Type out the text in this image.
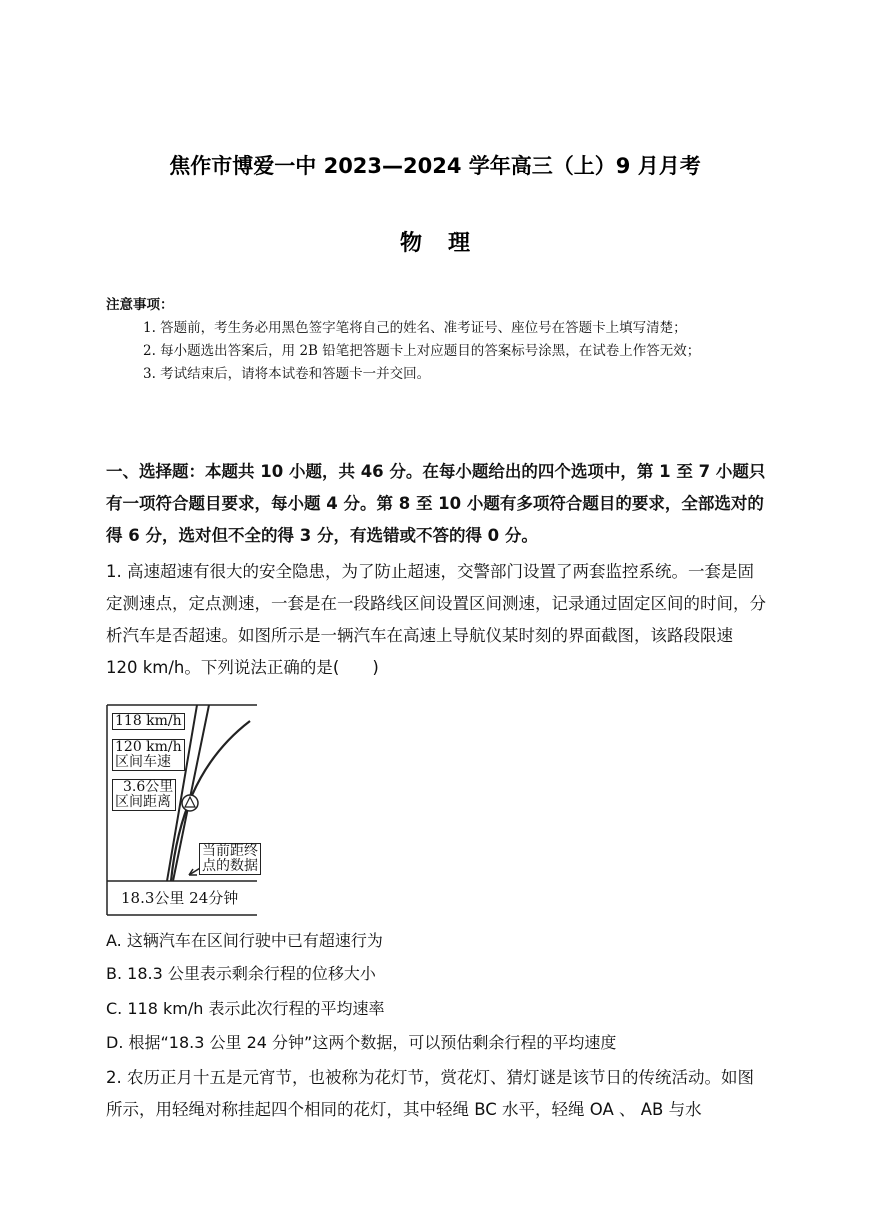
焦作市博爱一中 2023—2024 学年高三（上）9 月月考
物理
注意事项：
1. 答题前，考生务必用黑色签字笔将自己的姓名、准考证号、座位号在答题卡上填写清楚；
2. 每小题选出答案后，用 2B 铅笔把答题卡上对应题目的答案标号涂黑，在试卷上作答无效；
3. 考试结束后，请将本试卷和答题卡一并交回。
一、选择题：本题共 10 小题，共 46 分。在每小题给出的四个选项中，第 1 至 7 小题只有一项符合题目要求，每小题 4 分。第 8 至 10 小题有多项符合题目的要求，全部选对的得 6 分，选对但不全的得 3 分，有选错或不答的得 0 分。
1. 高速超速有很大的安全隐患，为了防止超速，交警部门设置了两套监控系统。一套是固定测速点，定点测速，一套是在一段路线区间设置区间测速，记录通过固定区间的时间，分析汽车是否超速。如图所示是一辆汽车在高速上导航仪某时刻的界面截图，该路段限速 120 km/h。下列说法正确的是(　　)
118 km/h
120 km/h
区间车速
3.6公里
区间距离
当前距终
点的数据
18.3公里 24分钟
A. 这辆汽车在区间行驶中已有超速行为
B. 18.3 公里表示剩余行程的位移大小
C. 118 km/h 表示此次行程的平均速率
D. 根据“18.3 公里 24 分钟”这两个数据，可以预估剩余行程的平均速度
2. 农历正月十五是元宵节，也被称为花灯节，赏花灯、猜灯谜是该节日的传统活动。如图所示，用轻绳对称挂起四个相同的花灯，其中轻绳 BC 水平，轻绳 OA 、 AB 与水
